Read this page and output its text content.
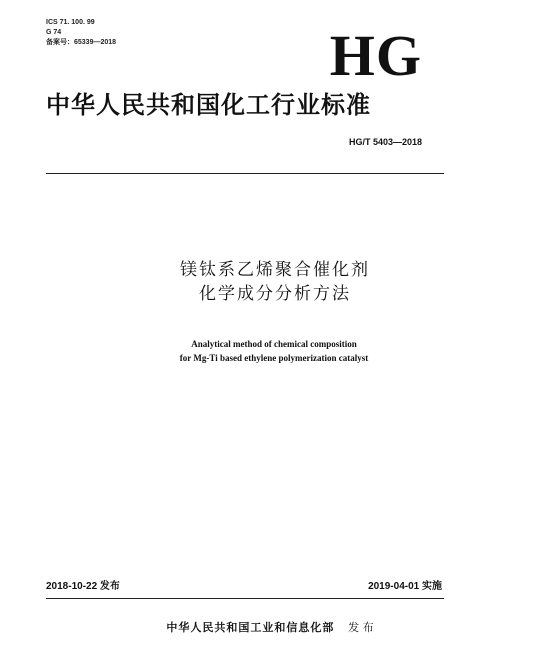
ICS 71. 100. 99
G 74
备案号：65339—2018	HG
中华人民共和国化工行业标准
HG/T 5403—2018
镁钛系乙烯聚合催化剂
化学成分分析方法
Analytical method of chemical composition
for Mg-Ti based ethylene polymerization catalyst
2018-10-22 发布	2019-04-01 实施
中华人民共和国工业和信息化部 发 布
